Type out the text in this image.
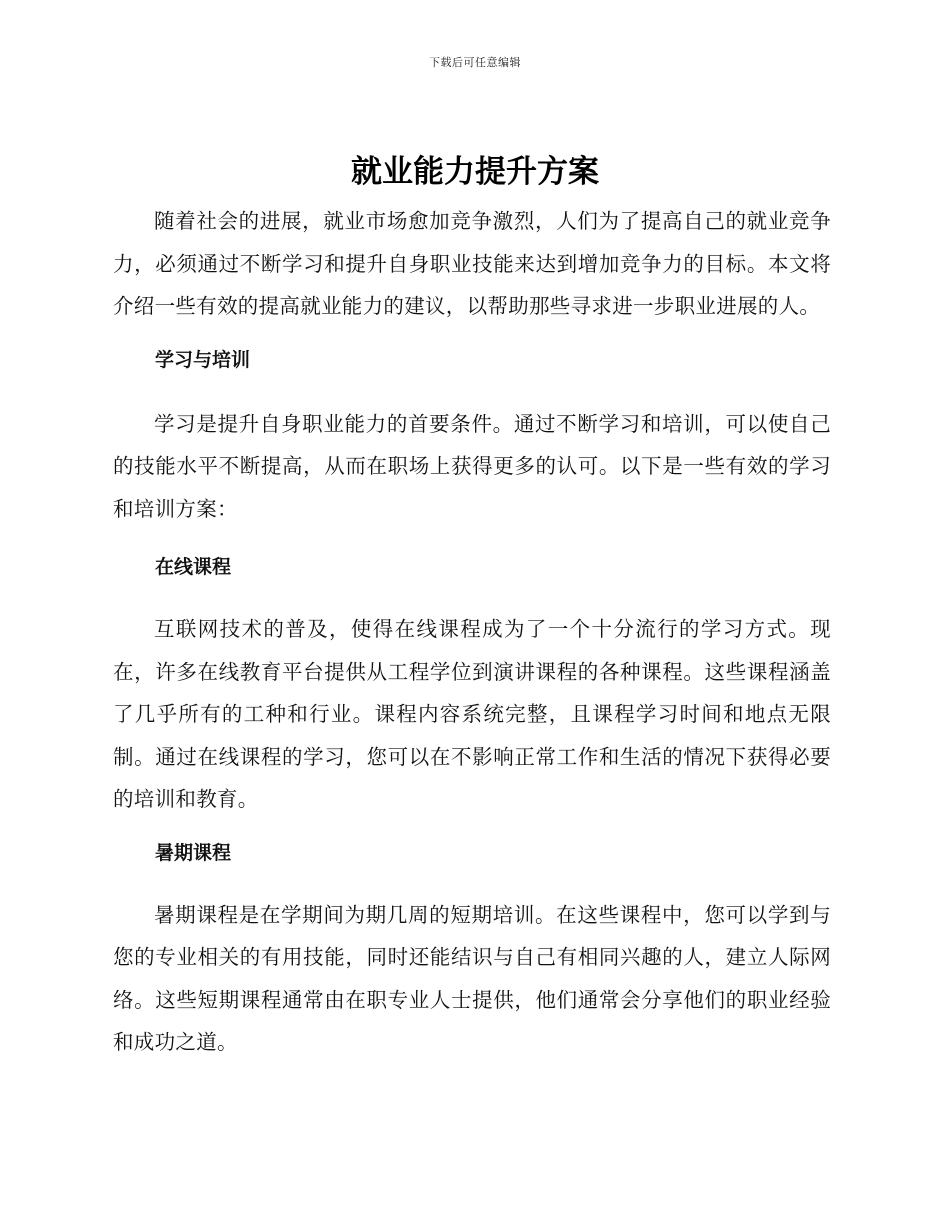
下载后可任意编辑
就业能力提升方案

随着社会的进展，就业市场愈加竞争激烈，人们为了提高自己的就业竞争力，必须通过不断学习和提升自身职业技能来达到增加竞争力的目标。本文将介绍一些有效的提高就业能力的建议，以帮助那些寻求进一步职业进展的人。

学习与培训

学习是提升自身职业能力的首要条件。通过不断学习和培训，可以使自己的技能水平不断提高，从而在职场上获得更多的认可。以下是一些有效的学习和培训方案：

在线课程

互联网技术的普及，使得在线课程成为了一个十分流行的学习方式。现在，许多在线教育平台提供从工程学位到演讲课程的各种课程。这些课程涵盖了几乎所有的工种和行业。课程内容系统完整，且课程学习时间和地点无限制。通过在线课程的学习，您可以在不影响正常工作和生活的情况下获得必要的培训和教育。

暑期课程

暑期课程是在学期间为期几周的短期培训。在这些课程中，您可以学到与您的专业相关的有用技能，同时还能结识与自己有相同兴趣的人，建立人际网络。这些短期课程通常由在职专业人士提供，他们通常会分享他们的职业经验和成功之道。
